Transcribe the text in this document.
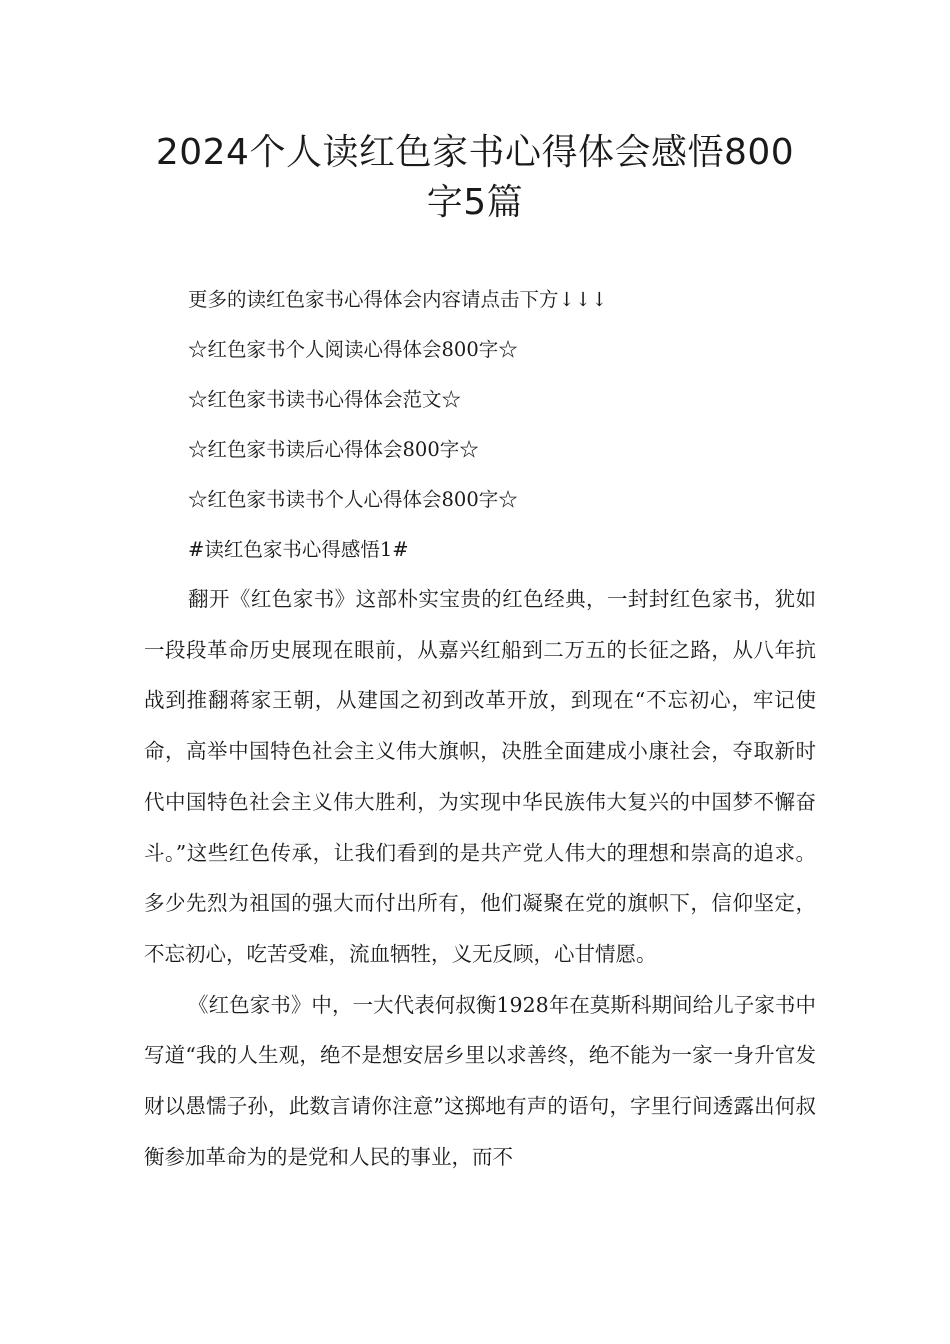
2024个人读红色家书心得体会感悟800
字5篇
更多的读红色家书心得体会内容请点击下方↓↓↓
☆红色家书个人阅读心得体会800字☆
☆红色家书读书心得体会范文☆
☆红色家书读后心得体会800字☆
☆红色家书读书个人心得体会800字☆
#读红色家书心得感悟1#

翻开《红色家书》这部朴实宝贵的红色经典，一封封红色家书，犹如一段段革命历史展现在眼前，从嘉兴红船到二万五的长征之路，从八年抗战到推翻蒋家王朝，从建国之初到改革开放，到现在“不忘初心，牢记使命，高举中国特色社会主义伟大旗帜，决胜全面建成小康社会，夺取新时代中国特色社会主义伟大胜利，为实现中华民族伟大复兴的中国梦不懈奋斗。”这些红色传承，让我们看到的是共产党人伟大的理想和崇高的追求。多少先烈为祖国的强大而付出所有，他们凝聚在党的旗帜下，信仰坚定，不忘初心，吃苦受难，流血牺牲，义无反顾，心甘情愿。

《红色家书》中，一大代表何叔衡1928年在莫斯科期间给儿子家书中写道“我的人生观，绝不是想安居乡里以求善终，绝不能为一家一身升官发财以愚懦子孙，此数言请你注意”这掷地有声的语句，字里行间透露出何叔衡参加革命为的是党和人民的事业，而不
